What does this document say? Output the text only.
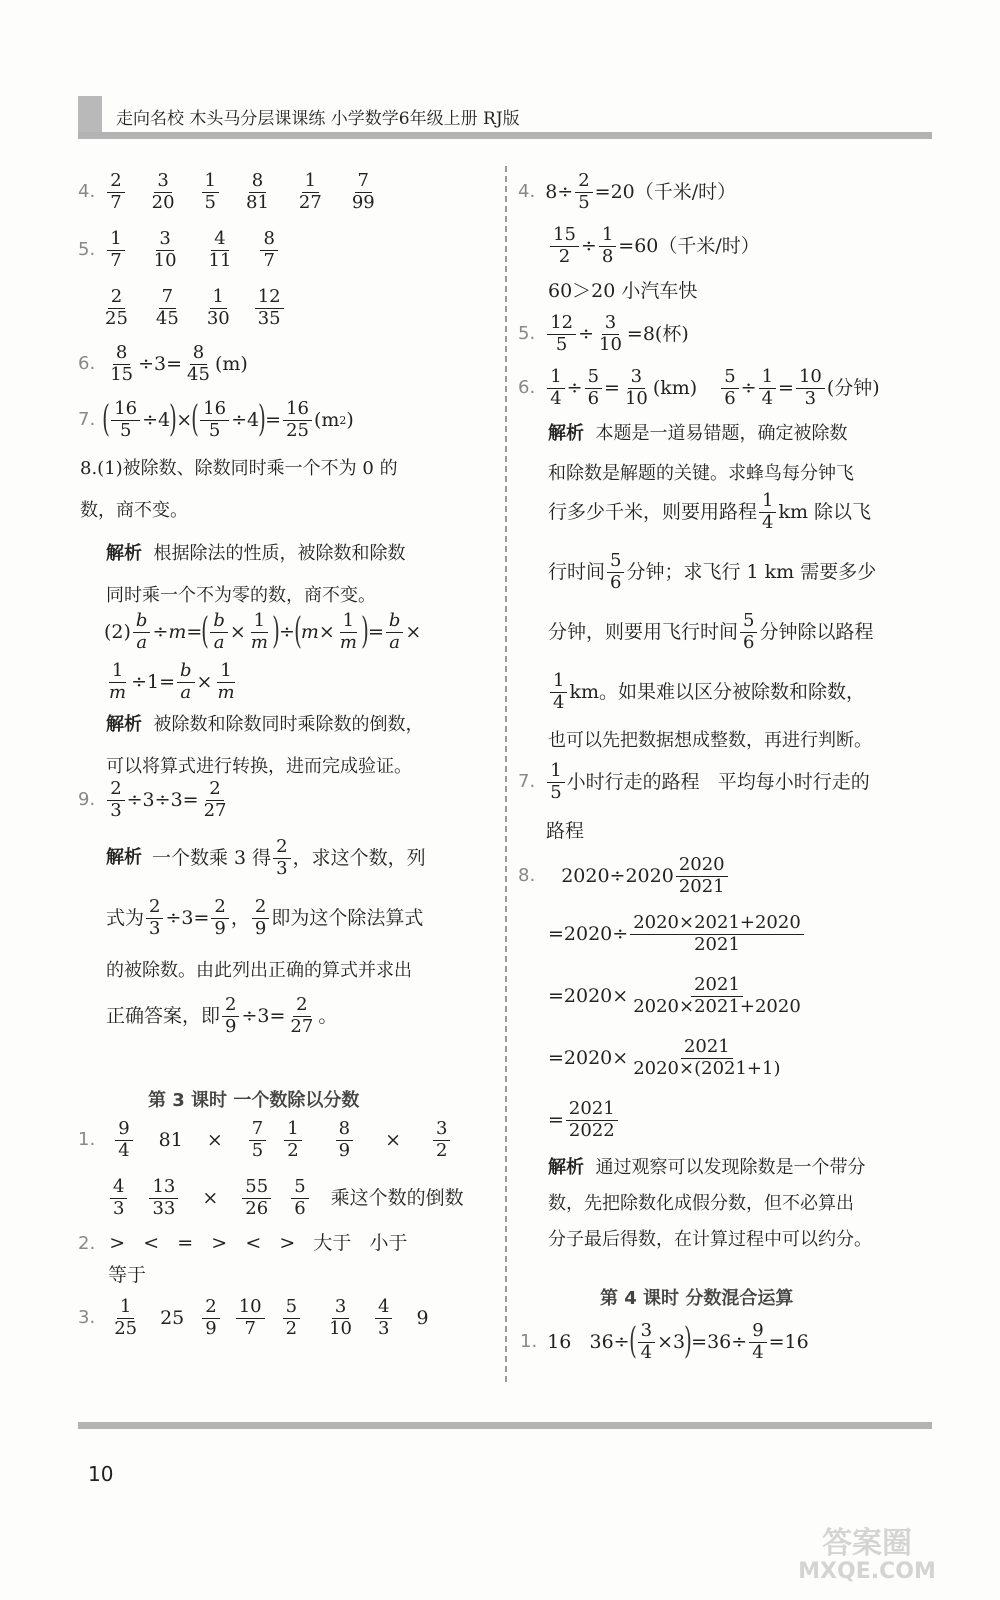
走向名校 木头马分层课课练 小学数学6年级上册 RJ版
4. $\frac{2}{7} \frac{3}{20} \frac{1}{5} \frac{8}{81} \frac{1}{27} \frac{7}{99}$
5. $\frac{1}{7} \frac{3}{10} \frac{4}{11} \frac{8}{7}$
$\frac{2}{25} \frac{7}{45} \frac{1}{30} \frac{12}{35}$
6. $\frac{8}{15} \div 3= \frac{8}{45} (m)$
7. ( $\frac{16}{5} \div 4$ ) × ( $\frac{16}{5} \div 4$ ) = $\frac{16}{25} (m$ 2 )
8.(1)被除数、除数同时乘一个不为 0 的
数，商不变。
解析 根据除法的性质，被除数和除数
同时乘一个不为零的数，商不变。
$(2) \frac{b}{a} \div m=$ ( $\frac{b}{a} \times \frac{1}{m}$ ) ÷ ( $m\times \frac{1}{m}$ ) = $\frac{b}{a}$ ×
$\frac{1}{m} \div 1= \frac{b}{a} \times \frac{1}{m}$
解析 被除数和除数同时乘除数的倒数，
可以将算式进行转换，进而完成验证。
9. $\frac{2}{3} \div 3\div 3= \frac{2}{27}$
解析 一个数乘 3 得 $\frac{2}{3}$ ，求这个数，列
式为 $\frac{2}{3} \div 3= \frac{2}{9}$ ， $\frac{2}{9}$ 即为这个除法算式
的被除数。由此列出正确的算式并求出
正确答案，即 $\frac{2}{9} \div 3= \frac{2}{27}$ 。
第 3 课时 一个数除以分数
1. $\frac{9}{4} 81 \times \frac{7}{5} \frac{1}{2} \frac{8}{9} \times \frac{3}{2}$
$\frac{4}{3} \frac{13}{33} \times \frac{55}{26} \frac{5}{6}$ 乘这个数的倒数
2. >   <   =   >   <   >   大于   小于
等于
3. $\frac{1}{25} 25 \frac{2}{9} \frac{10}{7} \frac{5}{2} \frac{3}{10} \frac{4}{3} 9$
4. $8\div \frac{2}{5} =20$（千米/时）
$\frac{15}{2} \div \frac{1}{8} =60$（千米/时）
60＞20 小汽车快
5. $\frac{12}{5} \div \frac{3}{10} =8$(杯)
6. $\frac{1}{4} \div \frac{5}{6} = \frac{3}{10} (km) \frac{5}{6} \div \frac{1}{4} = \frac{10}{3}$ (分钟)
解析 本题是一道易错题，确定被除数
和除数是解题的关键。求蜂鸟每分钟飞
行多少千米，则要用路程 $\frac{1}{4}$ km 除以飞
行时间 $\frac{5}{6}$ 分钟；求飞行 1 km 需要多少
分钟，则要用飞行时间 $\frac{5}{6}$ 分钟除以路程
$\frac{1}{4}$ km。如果难以区分被除数和除数，
也可以先把数据想成整数，再进行判断。
7. $\frac{1}{5}$ 小时行走的路程   平均每小时行走的
路程
8. $2020\div 2020 \frac{2020}{2021}$
$=2020\div \frac{2020\times 2021+2020}{2021}$
$=2020\times \frac{2021}{2020\times 2021+2020}$
$=2020\times \frac{2021}{2020\times(2021+1)}$
= $\frac{2021}{2022}$
解析 通过观察可以发现除数是一个带分
数，先把除数化成假分数，但不必算出
分子最后得数，在计算过程中可以约分。
第 4 课时 分数混合运算
1. 16   36÷ ( $\frac{3}{4} \times 3$ ) $=36\div \frac{9}{4} =16$
10
答案圈
MXQE.COM
